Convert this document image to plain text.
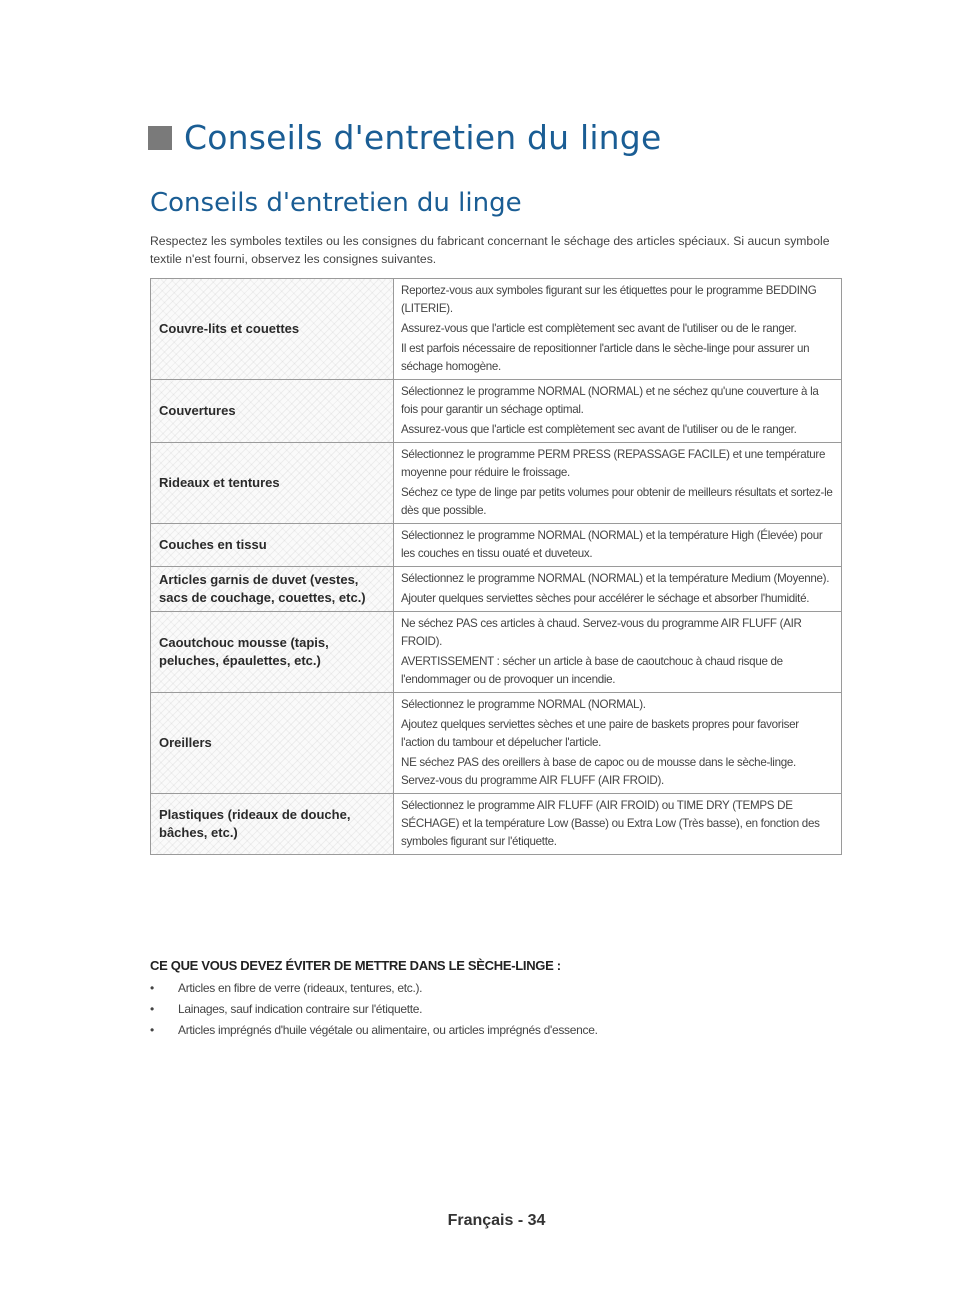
Conseils d'entretien du linge
Conseils d'entretien du linge
Respectez les symboles textiles ou les consignes du fabricant concernant le séchage des articles spéciaux. Si aucun symbole textile n'est fourni, observez les consignes suivantes.
Couvre-lits et couettes	Reportez-vous aux symboles figurant sur les étiquettes pour le programme BEDDING (LITERIE).

Assurez-vous que l'article est complètement sec avant de l'utiliser ou de le ranger.

Il est parfois nécessaire de repositionner l'article dans le sèche-linge pour assurer un séchage homogène.

Couvertures	Sélectionnez le programme NORMAL (NORMAL) et ne séchez qu'une couverture à la fois pour garantir un séchage optimal.

Assurez-vous que l'article est complètement sec avant de l'utiliser ou de le ranger.

Rideaux et tentures	Sélectionnez le programme PERM PRESS (REPASSAGE FACILE) et une température moyenne pour réduire le froissage.

Séchez ce type de linge par petits volumes pour obtenir de meilleurs résultats et sortez-le dès que possible.

Couches en tissu	Sélectionnez le programme NORMAL (NORMAL) et la température High (Élevée) pour les couches en tissu ouaté et duveteux.

Articles garnis de duvet (vestes, sacs de couchage, couettes, etc.)	Sélectionnez le programme NORMAL (NORMAL) et la température Medium (Moyenne).

Ajouter quelques serviettes sèches pour accélérer le séchage et absorber l'humidité.

Caoutchouc mousse (tapis, peluches, épaulettes, etc.)	Ne séchez PAS ces articles à chaud. Servez-vous du programme AIR FLUFF (AIR FROID).

AVERTISSEMENT : sécher un article à base de caoutchouc à chaud risque de l'endommager ou de provoquer un incendie.

Oreillers	Sélectionnez le programme NORMAL (NORMAL).

Ajoutez quelques serviettes sèches et une paire de baskets propres pour favoriser l'action du tambour et dépelucher l'article.

NE séchez PAS des oreillers à base de capoc ou de mousse dans le sèche-linge. Servez-vous du programme AIR FLUFF (AIR FROID).

Plastiques (rideaux de douche, bâches, etc.)	Sélectionnez le programme AIR FLUFF (AIR FROID) ou TIME DRY (TEMPS DE SÉCHAGE) et la température Low (Basse) ou Extra Low (Très basse), en fonction des symboles figurant sur l'étiquette.

CE QUE VOUS DEVEZ ÉVITER DE METTRE DANS LE SÈCHE-LINGE :
• Articles en fibre de verre (rideaux, tentures, etc.).
• Lainages, sauf indication contraire sur l'étiquette.
• Articles imprégnés d'huile végétale ou alimentaire, ou articles imprégnés d'essence.
Français - 34
